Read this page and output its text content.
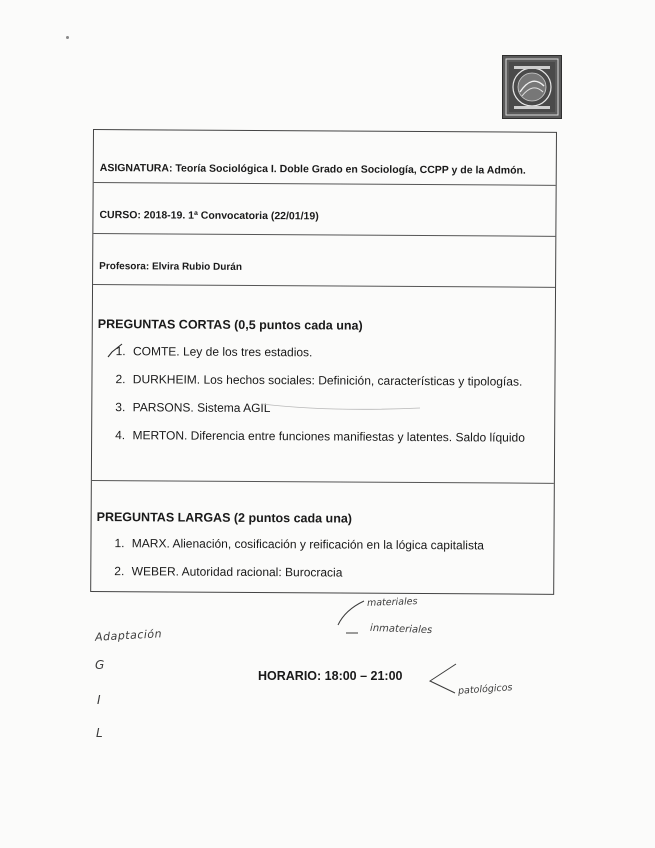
ASIGNATURA: Teoría Sociológica I. Doble Grado en Sociología, CCPP y de la Admón.
CURSO: 2018-19. 1ª Convocatoria (22/01/19)
Profesora: Elvira Rubio Durán
PREGUNTAS CORTAS (0,5 puntos cada una)
1. COMTE. Ley de los tres estadios.
2. DURKHEIM. Los hechos sociales: Definición, características y tipologías.
3. PARSONS. Sistema AGIL
4. MERTON. Diferencia entre funciones manifiestas y latentes. Saldo líquido
PREGUNTAS LARGAS (2 puntos cada una)
1. MARX. Alienación, cosificación y reificación en la lógica capitalista
2. WEBER. Autoridad racional: Burocracia
HORARIO: 18:00 – 21:00
Adaptación
G
I
L
materiales
inmateriales
patológicos
